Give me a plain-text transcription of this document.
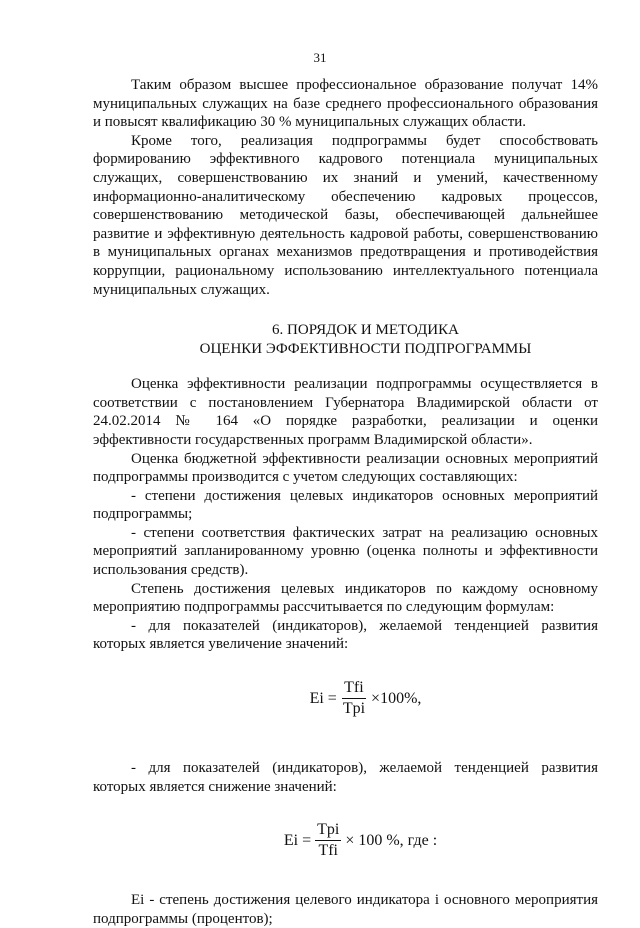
31

Таким образом высшее профессиональное образование получат 14% муниципальных служащих на базе среднего профессионального образования и повысят квалификацию 30 % муниципальных служащих области.

Кроме того, реализация подпрограммы будет способствовать формированию эффективного кадрового потенциала муниципальных служащих, совершенствованию их знаний и умений, качественному информационно-аналитическому обеспечению кадровых процессов, совершенствованию методической базы, обеспечивающей дальнейшее развитие и эффективную деятельность кадровой работы, совершенствованию в муниципальных органах механизмов предотвращения и противодействия коррупции, рациональному использованию интеллектуального потенциала муниципальных служащих.

6. ПОРЯДОК И МЕТОДИКА
ОЦЕНКИ ЭФФЕКТИВНОСТИ ПОДПРОГРАММЫ

Оценка эффективности реализации подпрограммы осуществляется в соответствии с постановлением Губернатора Владимирской области от 24.02.2014 № 164 «О порядке разработки, реализации и оценки эффективности государственных программ Владимирской области».

Оценка бюджетной эффективности реализации основных мероприятий подпрограммы производится с учетом следующих составляющих:

- степени достижения целевых индикаторов основных мероприятий подпрограммы;

- степени соответствия фактических затрат на реализацию основных мероприятий запланированному уровню (оценка полноты и эффективности использования средств).

Степень достижения целевых индикаторов по каждому основному мероприятию подпрограммы рассчитывается по следующим формулам:

- для показателей (индикаторов), желаемой тенденцией развития которых является увеличение значений:

$Ei = \frac{\text{Tfi}}{\text{Tpi}} \times 100\%$,

- для показателей (индикаторов), желаемой тенденцией развития которых является снижение значений:

$Ei = \frac{\text{Tpi}}{\text{Tfi}} \times 100$ %, где :

Ei - степень достижения целевого индикатора i основного мероприятия подпрограммы (процентов);
